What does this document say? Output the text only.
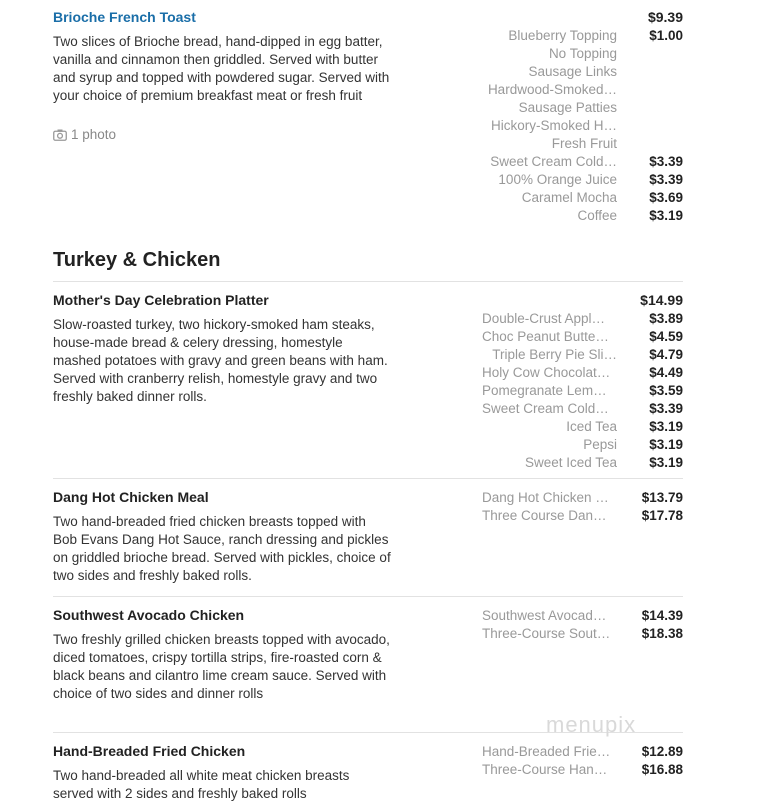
Brioche French Toast	$9.39
Two slices of Brioche bread, hand-dipped in egg batter, vanilla and cinnamon then griddled. Served with butter and syrup and topped with powdered sugar. Served with your choice of premium breakfast meat or fresh fruit
1 photo
Blueberry Topping $1.00
No Topping
Sausage Links
Hardwood-Smoked…
Sausage Patties
Hickory-Smoked H…
Fresh Fruit
Sweet Cream Cold… $3.39
100% Orange Juice $3.39
Caramel Mocha $3.69
Coffee $3.19
Turkey & Chicken
Mother's Day Celebration Platter	$14.99
Slow-roasted turkey, two hickory-smoked ham steaks, house-made bread & celery dressing, homestyle mashed potatoes with gravy and green beans with ham. Served with cranberry relish, homestyle gravy and two freshly baked dinner rolls.
Double-Crust Appl…	$3.89
Choc Peanut Butte…	$4.59
Triple Berry Pie Sli… $4.79
Holy Cow Chocolat…	$4.49
Pomegranate Lem…	$3.59
Sweet Cream Cold…	$3.39
Iced Tea $3.19
Pepsi $3.19
Sweet Iced Tea $3.19
Dang Hot Chicken Meal
Two hand-breaded fried chicken breasts topped with Bob Evans Dang Hot Sauce, ranch dressing and pickles on griddled brioche bread. Served with pickles, choice of two sides and freshly baked rolls.
Dang Hot Chicken … $13.79
Three Course Dan…	$17.78
Southwest Avocado Chicken
Two freshly grilled chicken breasts topped with avocado, diced tomatoes, crispy tortilla strips, fire-roasted corn & black beans and cilantro lime cream sauce. Served with choice of two sides and dinner rolls
Southwest Avocad…	$14.39
Three-Course Sout… $18.38
Hand-Breaded Fried Chicken
Two hand-breaded all white meat chicken breasts served with 2 sides and freshly baked rolls
Hand-Breaded Frie… $12.89
Three-Course Han…	$16.88
menupix
